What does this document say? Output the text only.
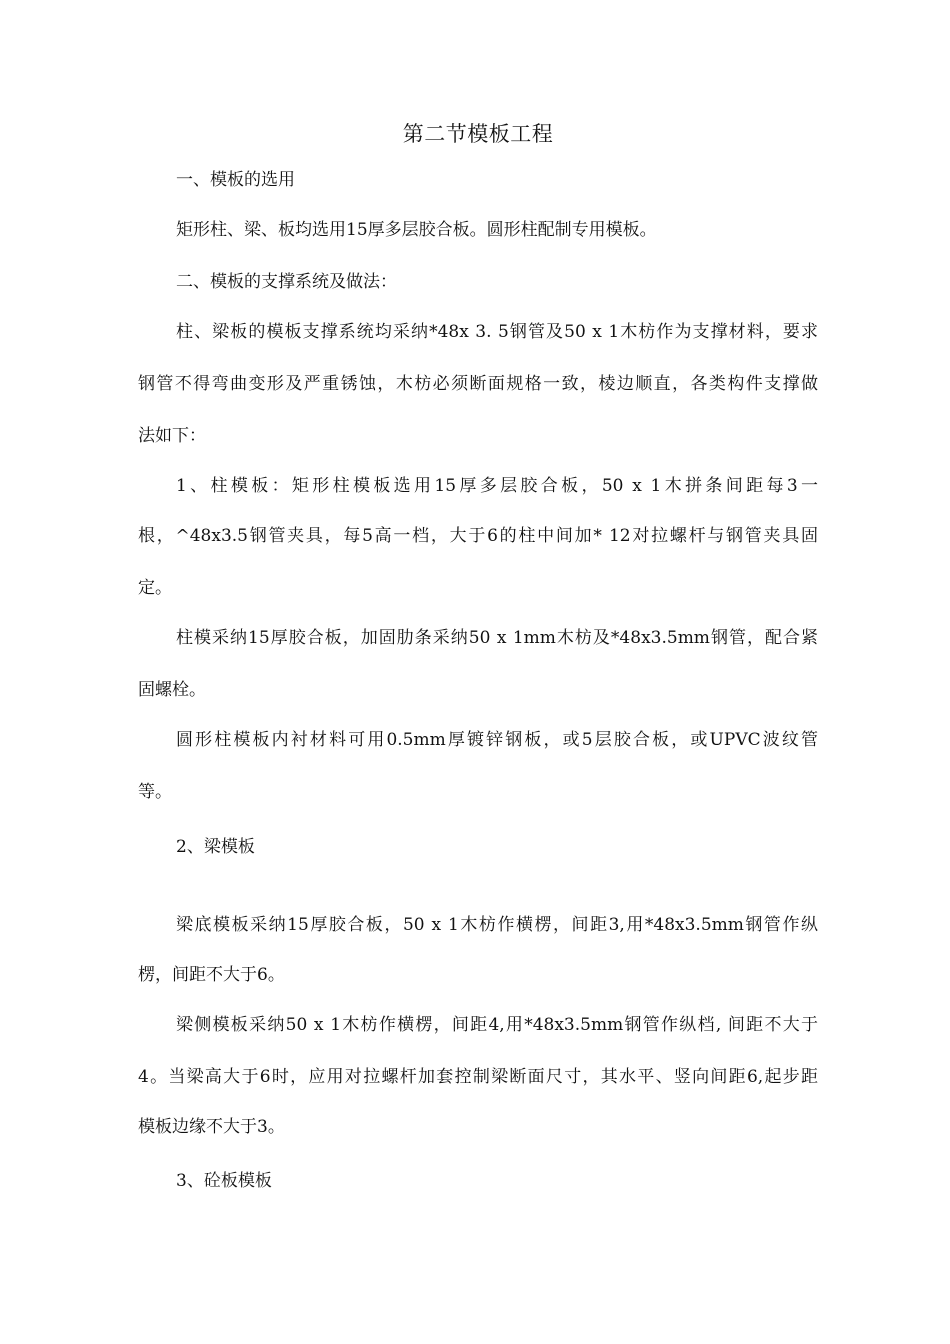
第二节模板工程

一、模板的选用

矩形柱、梁、板均选用15厚多层胶合板。圆形柱配制专用模板。

二、模板的支撑系统及做法：

柱、梁板的模板支撑系统均采纳*48x 3. 5钢管及50 x 1木枋作为支撑材料，要求

钢管不得弯曲变形及严重锈蚀，木枋必须断面规格一致，棱边顺直，各类构件支撑做

法如下：

1、柱模板：矩形柱模板选用15厚多层胶合板，50 x 1木拼条间距每3一

根，^48x3.5钢管夹具，每5高一档，大于6的柱中间加* 12对拉螺杆与钢管夹具固

定。

柱模采纳15厚胶合板，加固肋条采纳50 x 1mm木枋及*48x3.5mm钢管，配合紧

固螺栓。

圆形柱模板内衬材料可用0.5mm厚镀锌钢板，或5层胶合板，或UPVC波纹管

等。

2、梁模板

梁底模板采纳15厚胶合板，50 x 1木枋作横楞，间距3,用*48x3.5mm钢管作纵

楞，间距不大于6。

梁侧模板采纳50 x 1木枋作横楞，间距4,用*48x3.5mm钢管作纵档, 间距不大于

4。当梁高大于6时，应用对拉螺杆加套控制梁断面尺寸，其水平、竖向间距6,起步距

模板边缘不大于3。

3、砼板模板
